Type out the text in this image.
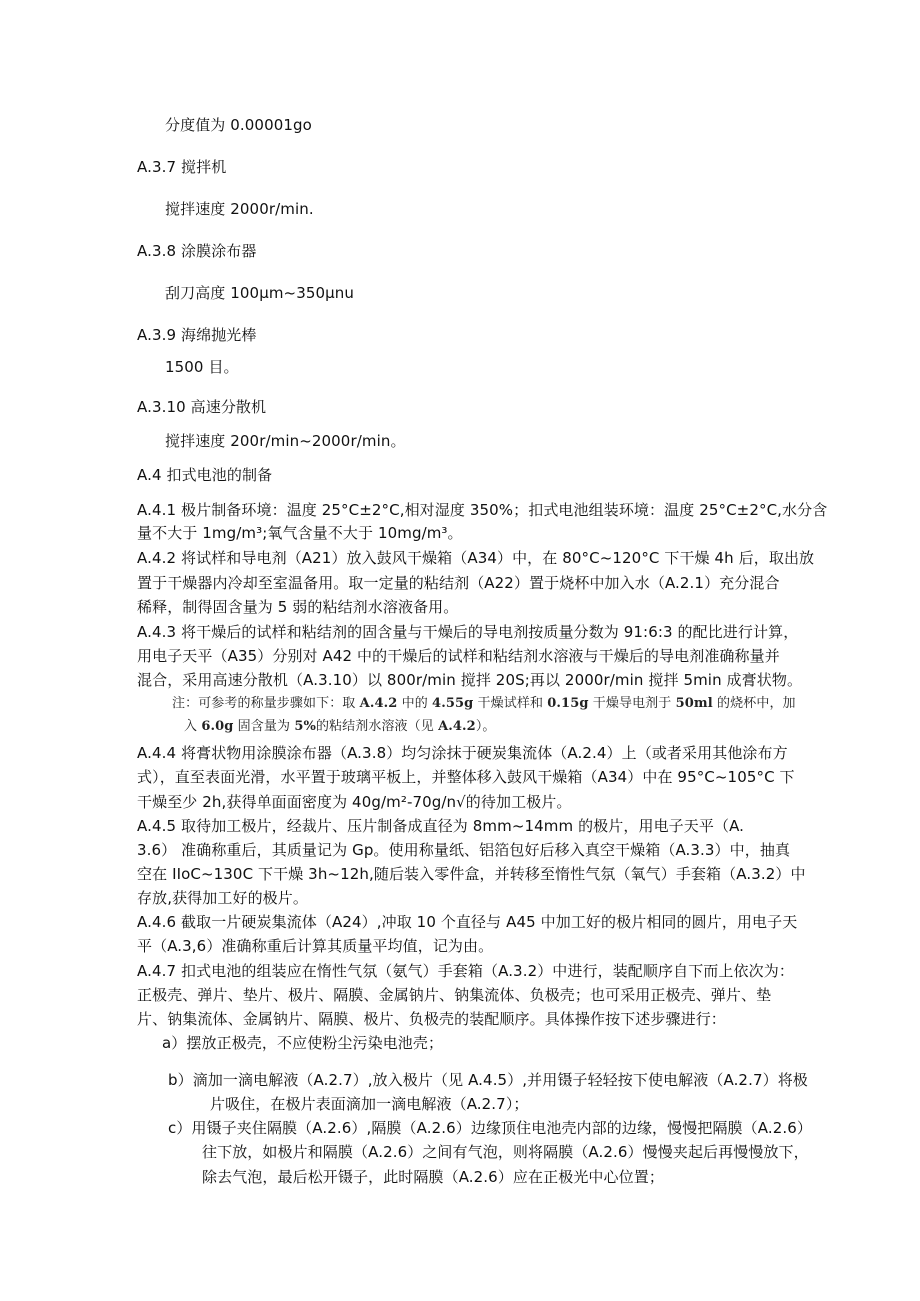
分度值为 0.00001go
A.3.7 搅拌机
搅拌速度 2000r/min.
A.3.8 涂膜涂布器
刮刀高度 100μm~350μnu
A.3.9 海绵抛光棒
1500 目。
A.3.10 高速分散机
搅拌速度 200r/min~2000r/min。
A.4 扣式电池的制备
A.4.1 极片制备环境：温度 25°C±2°C,相对湿度 350%；扣式电池组装环境：温度 25°C±2°C,水分含
量不大于 1mg/m³;氧气含量不大于 10mg/m³。
A.4.2 将试样和导电剂（A21）放入鼓风干燥箱（A34）中，在 80°C~120°C 下干燥 4h 后，取出放
置于干燥器内冷却至室温备用。取一定量的粘结剂（A22）置于烧杯中加入水（A.2.1）充分混合
稀释，制得固含量为 5 弱的粘结剂水溶液备用。
A.4.3 将干燥后的试样和粘结剂的固含量与干燥后的导电剂按质量分数为 91:6:3 的配比进行计算，
用电子天平（A35）分别对 A42 中的干燥后的试样和粘结剂水溶液与干燥后的导电剂准确称量并
混合，采用高速分散机（A.3.10）以 800r/min 搅拌 20S;再以 2000r/min 搅拌 5min 成膏状物。
注：可参考的称量步骤如下：取 A.4.2 中的 4.55g 干燥试样和 0.15g 干燥导电剂于 50ml 的烧杯中，加
入 6.0g 固含量为 5%的粘结剂水溶液（见 A.4.2）。
A.4.4 将膏状物用涂膜涂布器（A.3.8）均匀涂抹于硬炭集流体（A.2.4）上（或者采用其他涂布方
式），直至表面光滑，水平置于玻璃平板上，并整体移入鼓风干燥箱（A34）中在 95°C~105°C 下
干燥至少 2h,获得单面面密度为 40g/m²-70g/n√的待加工极片。
A.4.5 取待加工极片，经裁片、压片制备成直径为 8mm~14mm 的极片，用电子天平（A.
3.6） 准确称重后，其质量记为 Gp。使用称量纸、铝箔包好后移入真空干燥箱（A.3.3）中，抽真
空在 IIoC~130C 下干燥 3h~12h,随后装入零件盒，并转移至惰性气氛（氧气）手套箱（A.3.2）中
存放,获得加工好的极片。
A.4.6 截取一片硬炭集流体（A24）,冲取 10 个直径与 A45 中加工好的极片相同的圆片，用电子天
平（A.3,6）准确称重后计算其质量平均值，记为由。
A.4.7 扣式电池的组装应在惰性气氛（氨气）手套箱（A.3.2）中进行，装配顺序自下而上依次为：
正极壳、弹片、垫片、极片、隔膜、金属钠片、钠集流体、负极壳；也可采用正极壳、弹片、垫
片、钠集流体、金属钠片、隔膜、极片、负极壳的装配顺序。具体操作按下述步骤进行：
a）摆放正极壳，不应使粉尘污染电池壳；
b）滴加一滴电解液（A.2.7）,放入极片（见 A.4.5）,并用镊子轻轻按下使电解液（A.2.7）将极
片吸住，在极片表面滴加一滴电解液（A.2.7）；
c）用镊子夹住隔膜（A.2.6）,隔膜（A.2.6）边缘顶住电池壳内部的边缘，慢慢把隔膜（A.2.6）
往下放，如极片和隔膜（A.2.6）之间有气泡，则将隔膜（A.2.6）慢慢夹起后再慢慢放下，
除去气泡，最后松开镊子，此时隔膜（A.2.6）应在正极光中心位置；
